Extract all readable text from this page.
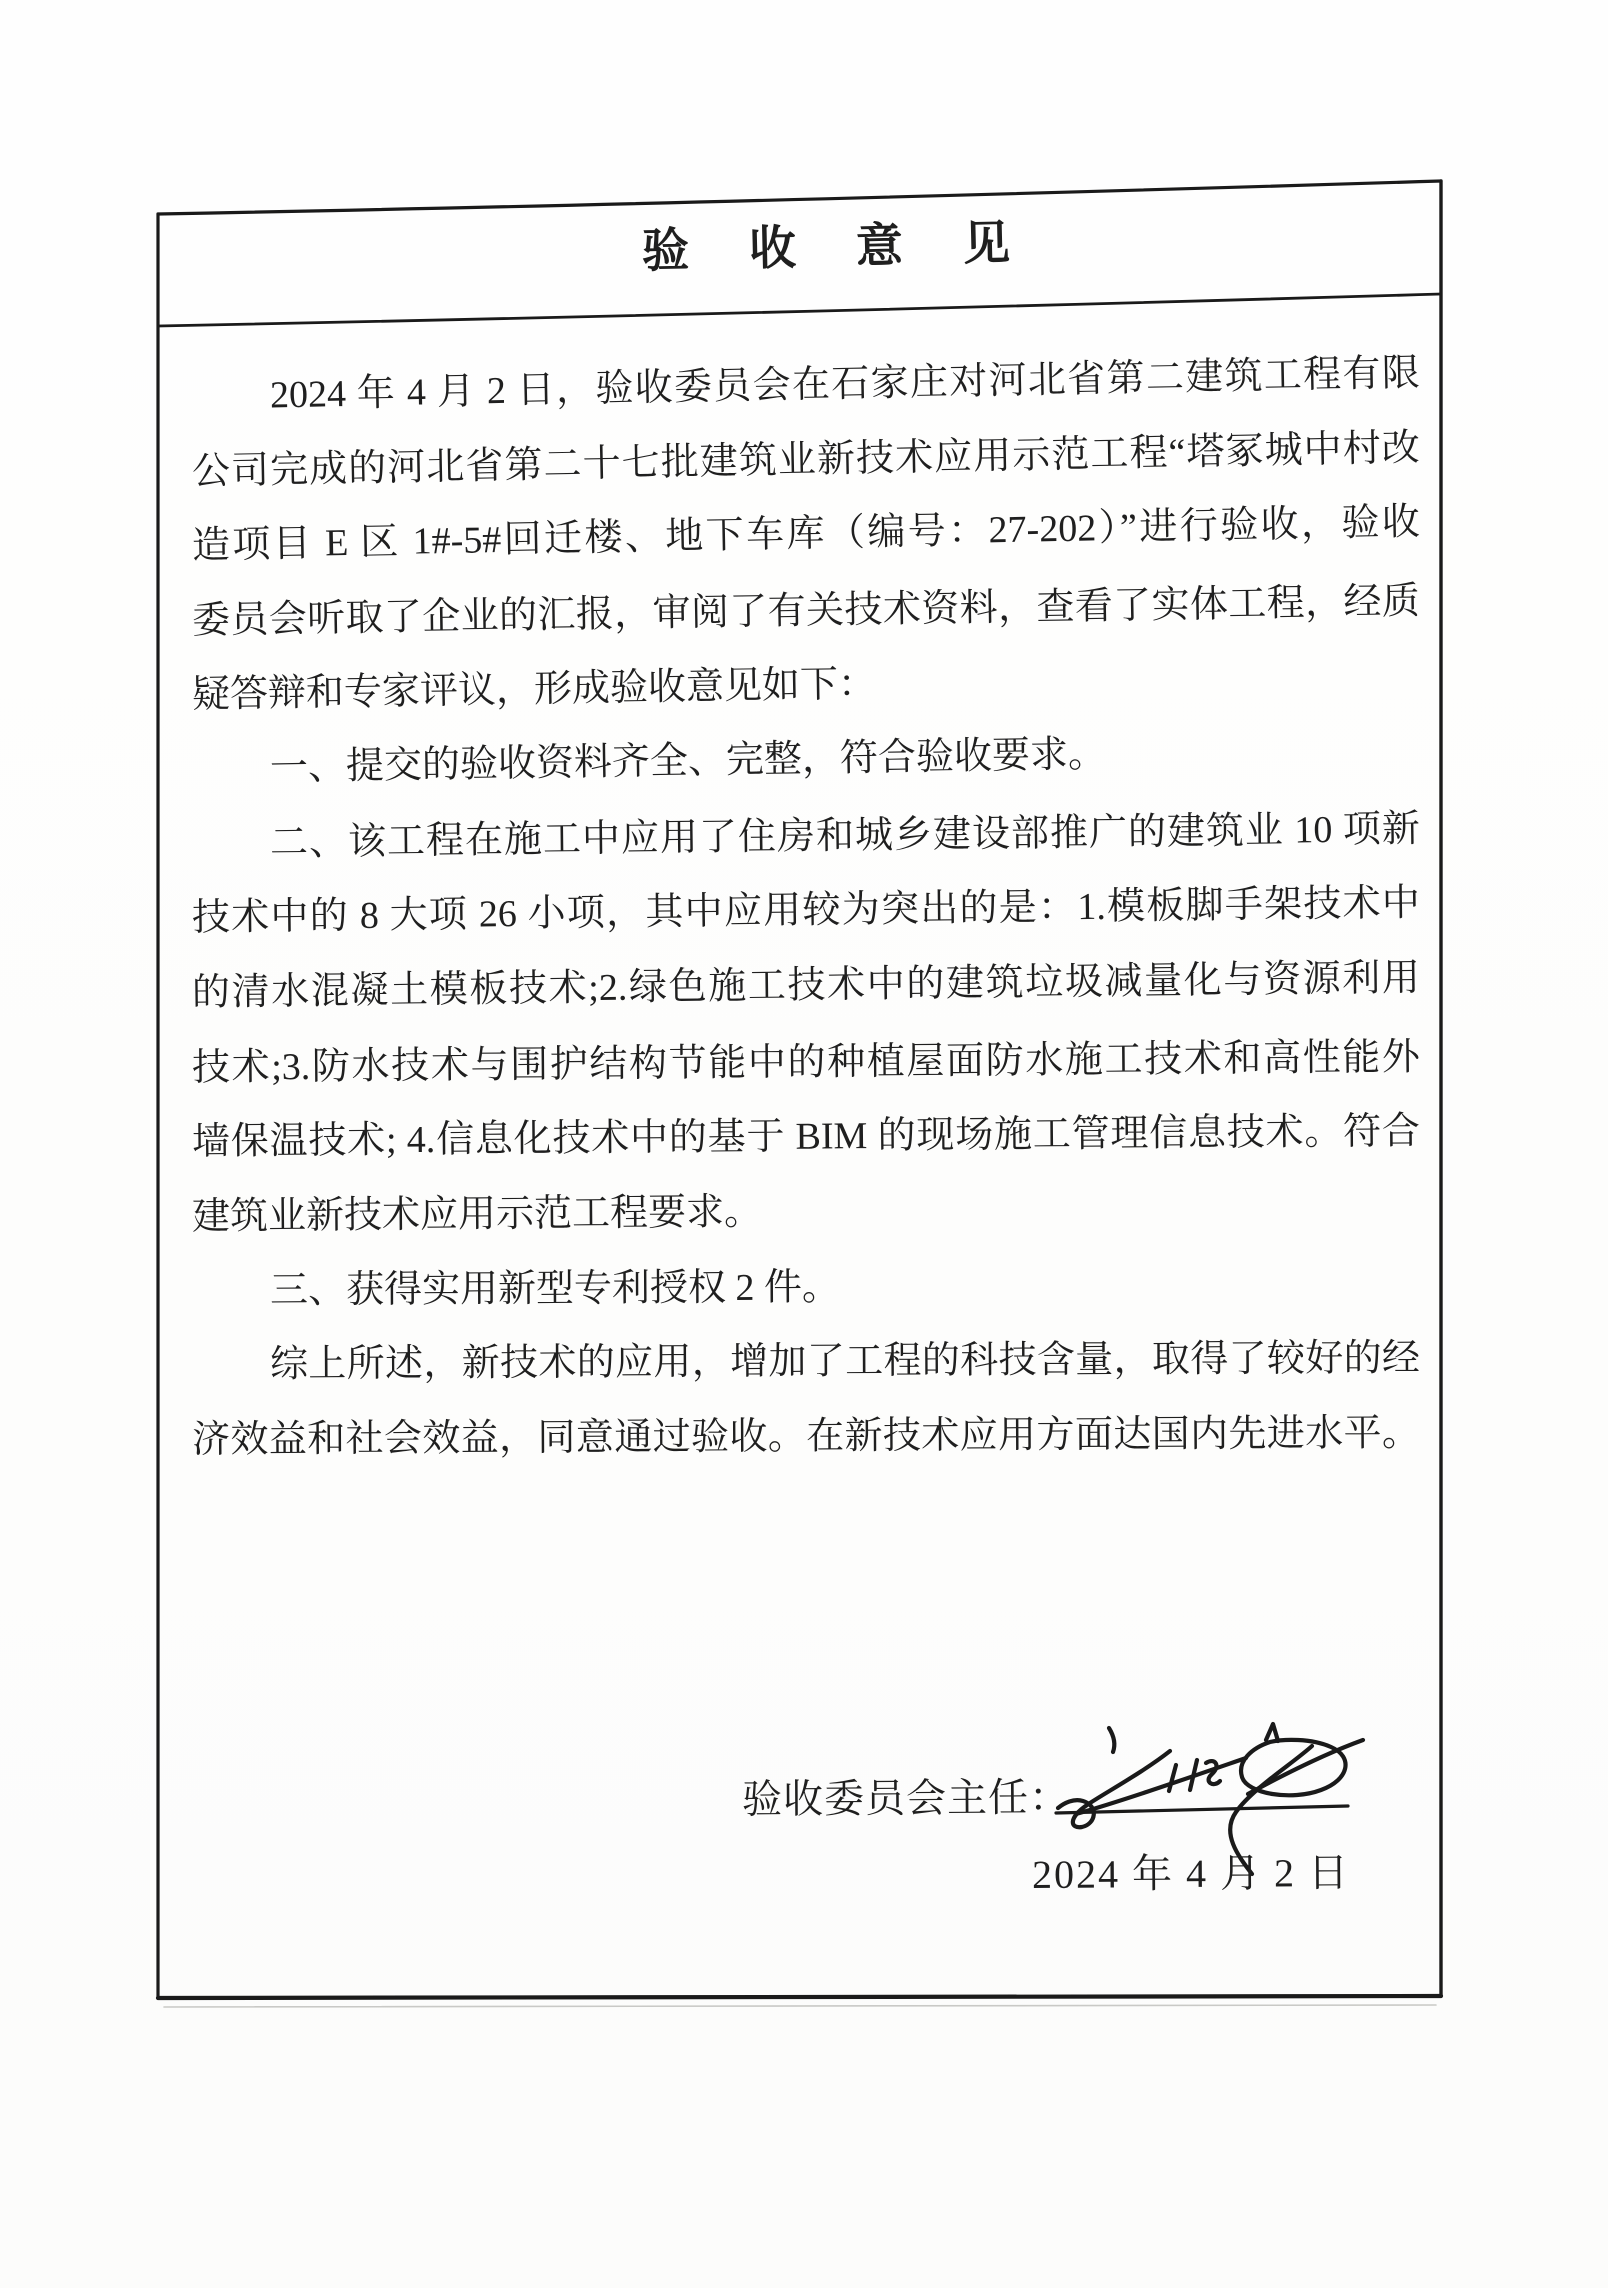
验收意见
2024 年 4 月 2 日，验收委员会在石家庄对河北省第二建筑工程有限
公司完成的河北省第二十七批建筑业新技术应用示范工程“塔冢城中村改
造项目 E 区 1#-5#回迁楼、地下车库（编号：27-202）”进行验收，验收
委员会听取了企业的汇报，审阅了有关技术资料，查看了实体工程，经质
疑答辩和专家评议，形成验收意见如下：
一、提交的验收资料齐全、完整，符合验收要求。
二、该工程在施工中应用了住房和城乡建设部推广的建筑业 10 项新
技术中的 8 大项 26 小项，其中应用较为突出的是：1.模板脚手架技术中
的清水混凝土模板技术;2.绿色施工技术中的建筑垃圾减量化与资源利用
技术;3.防水技术与围护结构节能中的种植屋面防水施工技术和高性能外
墙保温技术; 4.信息化技术中的基于 BIM 的现场施工管理信息技术。符合
建筑业新技术应用示范工程要求。
三、获得实用新型专利授权 2 件。
综上所述，新技术的应用，增加了工程的科技含量，取得了较好的经
济效益和社会效益，同意通过验收。在新技术应用方面达国内先进水平。
验收委员会主任：
2024 年 4 月 2 日
